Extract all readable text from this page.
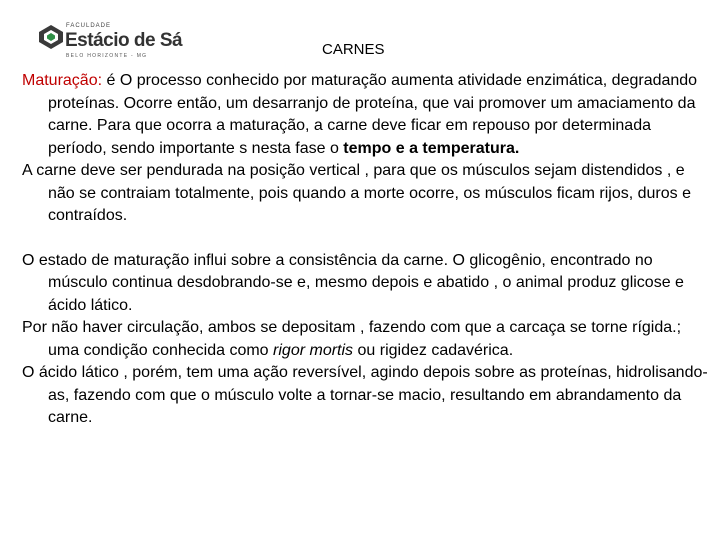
FACULDADE
Estácio de Sá
BELO HORIZONTE - MG	CARNES

Maturação: é O processo conhecido por maturação aumenta atividade enzimática, degradando proteínas. Ocorre então, um desarranjo de proteína, que vai promover um amaciamento da carne. Para que ocorra a maturação, a carne deve ficar em repouso por determinada período, sendo importante s nesta fase o tempo e a temperatura.

A carne deve ser pendurada na posição vertical , para que os músculos sejam distendidos , e não se contraiam totalmente, pois quando a morte ocorre, os músculos ficam rijos, duros e contraídos.

O estado de maturação influi sobre a consistência da carne. O glicogênio, encontrado no músculo continua desdobrando-se e, mesmo depois e abatido , o animal produz glicose e ácido lático.

Por não haver circulação, ambos se depositam , fazendo com que a carcaça se torne rígida.; uma condição conhecida como rigor mortis ou rigidez cadavérica.

O ácido lático , porém, tem uma ação reversível, agindo depois sobre as proteínas, hidrolisando-as, fazendo com que o músculo volte a tornar-se macio, resultando em abrandamento da carne.
